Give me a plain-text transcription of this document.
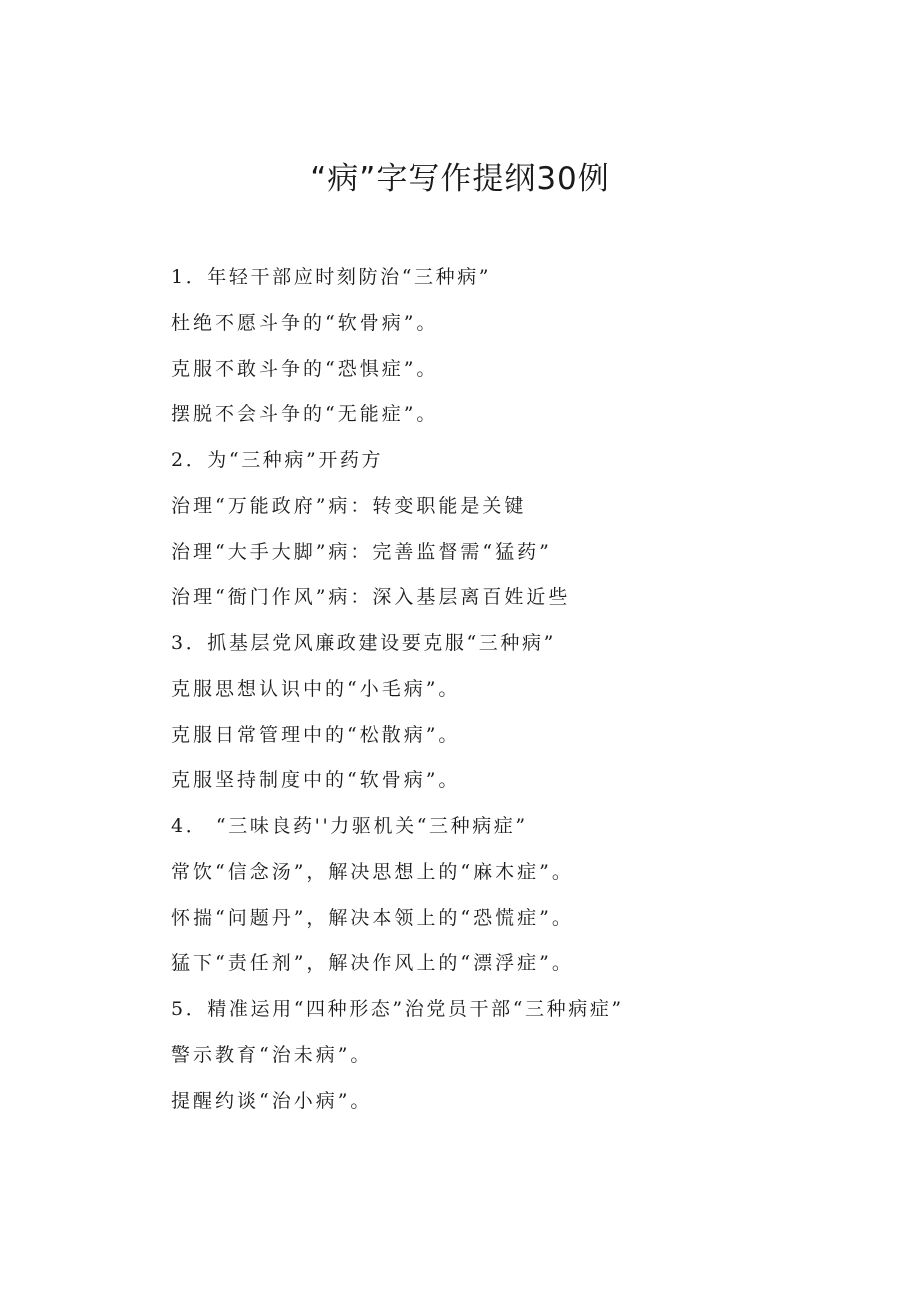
“病”字写作提纲30例
1．年轻干部应时刻防治“三种病”
杜绝不愿斗争的“软骨病”。
克服不敢斗争的“恐惧症”。
摆脱不会斗争的“无能症”。
2．为“三种病”开药方
治理“万能政府”病：转变职能是关键
治理“大手大脚”病：完善监督需“猛药”
治理“衙门作风”病：深入基层离百姓近些
3．抓基层党风廉政建设要克服“三种病”
克服思想认识中的“小毛病”。
克服日常管理中的“松散病”。
克服坚持制度中的“软骨病”。
4． “三味良药''力驱机关“三种病症”
常饮“信念汤”，解决思想上的“麻木症”。
怀揣“问题丹”，解决本领上的“恐慌症”。
猛下“责任剂”，解决作风上的“漂浮症”。
5．精准运用“四种形态”治党员干部“三种病症”
警示教育“治未病”。
提醒约谈“治小病”。
